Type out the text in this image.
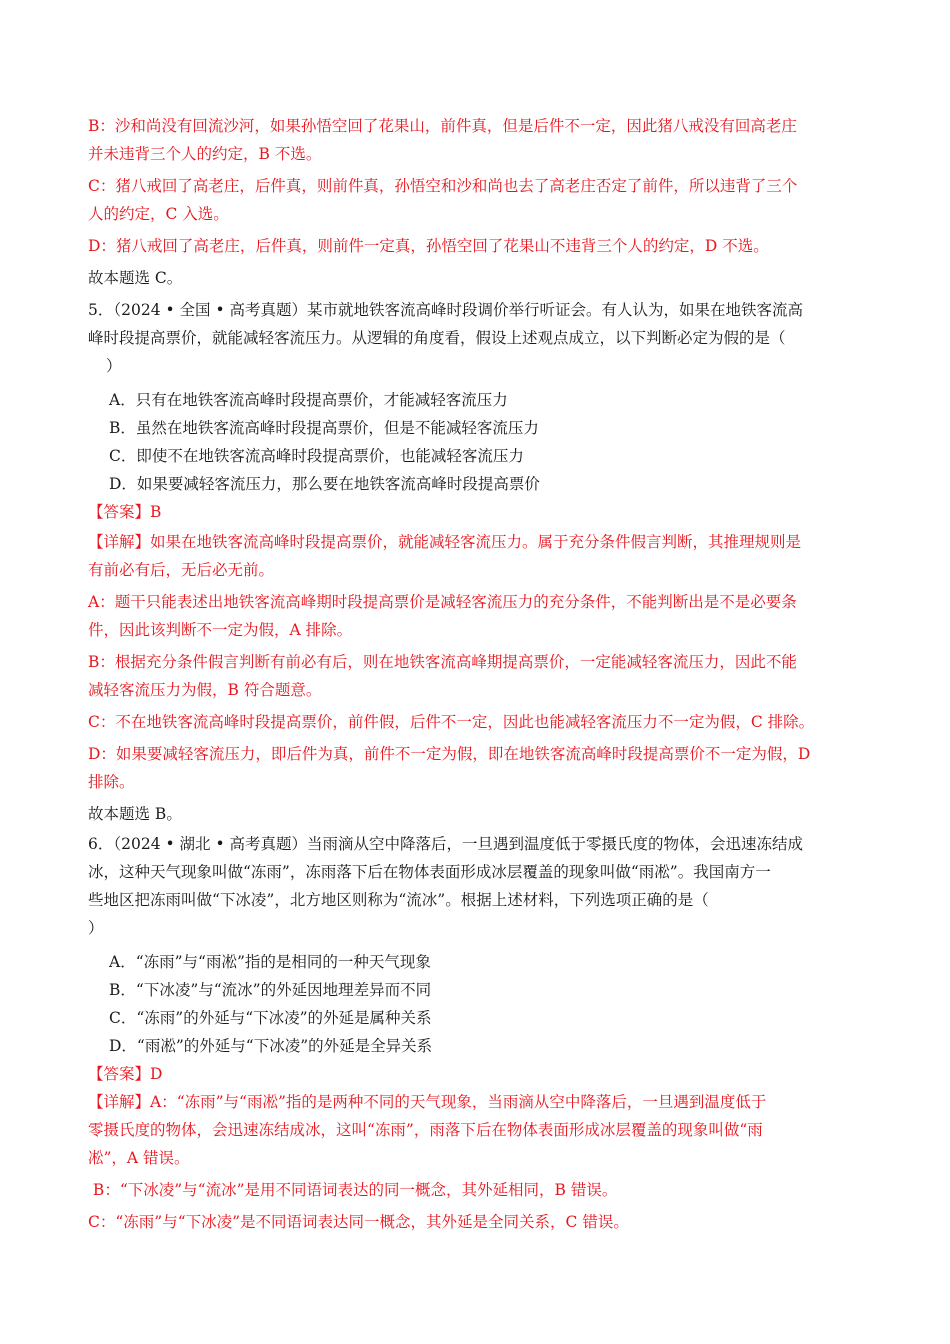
B：沙和尚没有回流沙河，如果孙悟空回了花果山，前件真，但是后件不一定，因此猪八戒没有回高老庄
并未违背三个人的约定，B 不选。
C：猪八戒回了高老庄，后件真，则前件真，孙悟空和沙和尚也去了高老庄否定了前件，所以违背了三个
人的约定，C 入选。
D：猪八戒回了高老庄，后件真，则前件一定真，孙悟空回了花果山不违背三个人的约定，D 不选。
故本题选 C。
5．（2024 • 全国 • 高考真题）某市就地铁客流高峰时段调价举行听证会。有人认为，如果在地铁客流高
峰时段提高票价，就能减轻客流压力。从逻辑的角度看，假设上述观点成立，以下判断必定为假的是（
）
A．只有在地铁客流高峰时段提高票价，才能减轻客流压力
B．虽然在地铁客流高峰时段提高票价，但是不能减轻客流压力
C．即使不在地铁客流高峰时段提高票价，也能减轻客流压力
D．如果要减轻客流压力，那么要在地铁客流高峰时段提高票价
【答案】B
【详解】如果在地铁客流高峰时段提高票价，就能减轻客流压力。属于充分条件假言判断，其推理规则是
有前必有后，无后必无前。
A：题干只能表述出地铁客流高峰期时段提高票价是减轻客流压力的充分条件，不能判断出是不是必要条
件，因此该判断不一定为假，A 排除。
B：根据充分条件假言判断有前必有后，则在地铁客流高峰期提高票价，一定能减轻客流压力，因此不能
减轻客流压力为假，B 符合题意。
C：不在地铁客流高峰时段提高票价，前件假，后件不一定，因此也能减轻客流压力不一定为假，C 排除。
D：如果要减轻客流压力，即后件为真，前件不一定为假，即在地铁客流高峰时段提高票价不一定为假，D
排除。
故本题选 B。
6．（2024 • 湖北 • 高考真题）当雨滴从空中降落后，一旦遇到温度低于零摄氏度的物体，会迅速冻结成
冰，这种天气现象叫做“冻雨”，冻雨落下后在物体表面形成冰层覆盖的现象叫做“雨凇”。我国南方一
些地区把冻雨叫做“下冰凌”，北方地区则称为“流冰”。根据上述材料，下列选项正确的是（
）
A．“冻雨”与“雨凇”指的是相同的一种天气现象
B．“下冰凌”与“流冰”的外延因地理差异而不同
C．“冻雨”的外延与“下冰凌”的外延是属种关系
D．“雨凇”的外延与“下冰凌”的外延是全异关系
【答案】D
【详解】A：“冻雨”与“雨凇”指的是两种不同的天气现象，当雨滴从空中降落后，一旦遇到温度低于
零摄氏度的物体，会迅速冻结成冰，这叫“冻雨”，雨落下后在物体表面形成冰层覆盖的现象叫做“雨
凇”，A 错误。
B：“下冰凌”与“流冰”是用不同语词表达的同一概念，其外延相同，B 错误。
C：“冻雨”与“下冰凌”是不同语词表达同一概念，其外延是全同关系，C 错误。
